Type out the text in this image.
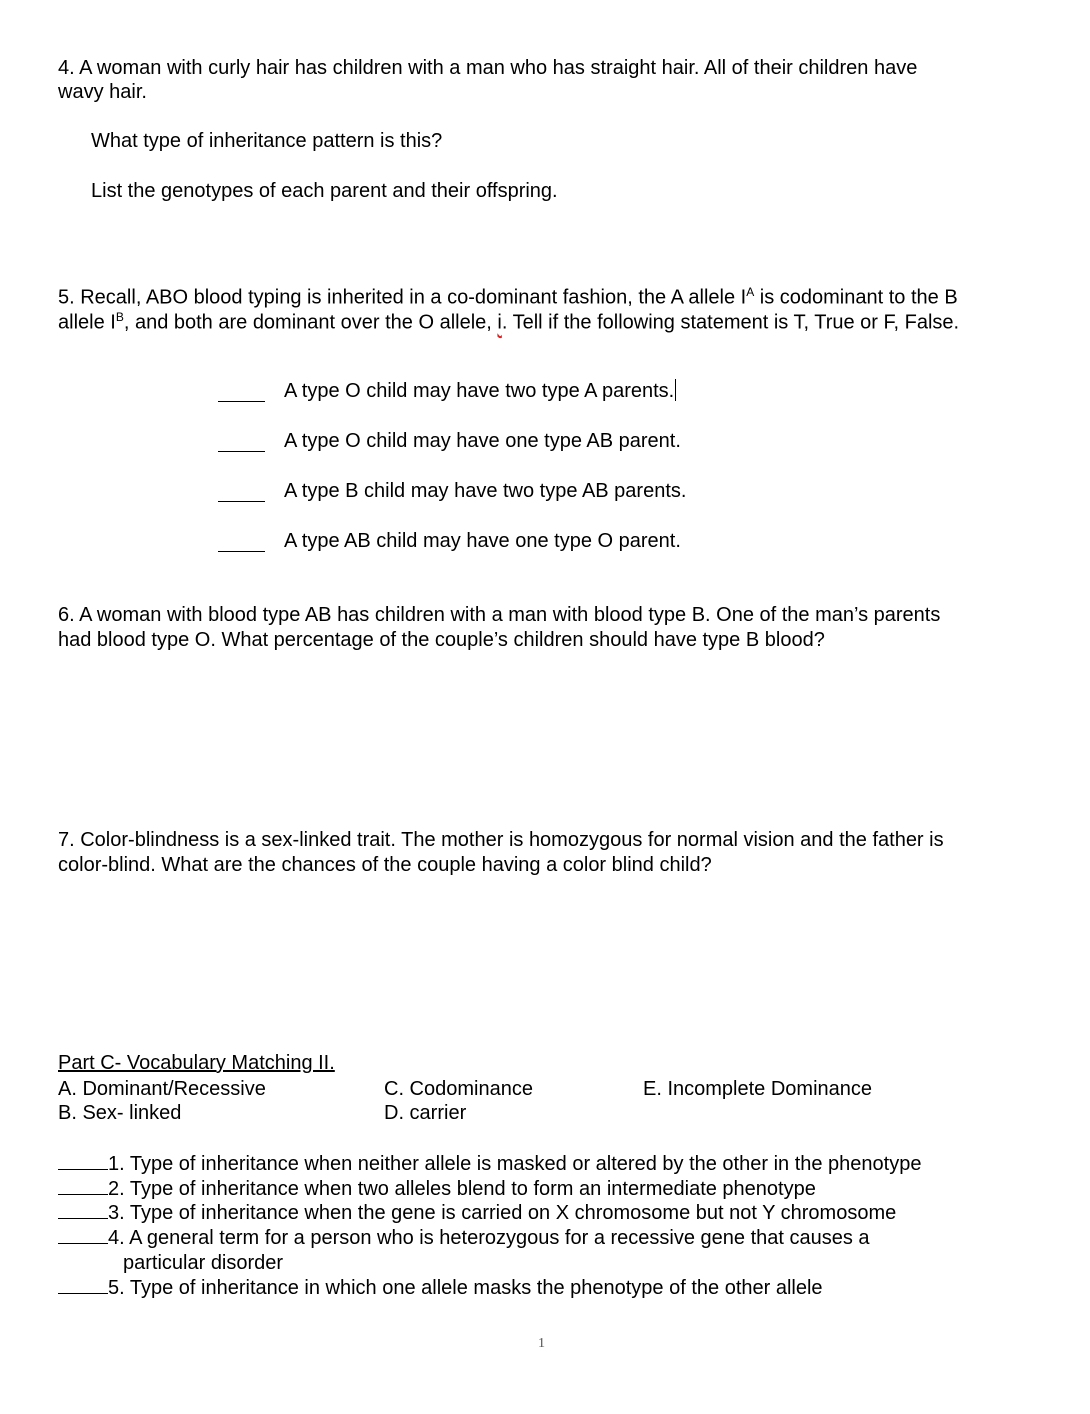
4. A woman with curly hair has children with a man who has straight hair. All of their children have
wavy hair.
What type of inheritance pattern is this?
List the genotypes of each parent and their offspring.
5. Recall, ABO blood typing is inherited in a co-dominant fashion, the A allele $I^A$ is codominant to the B
allele $I^B$, and both are dominant over the O allele, i. Tell if the following statement is T, True or F, False.
A type O child may have two type A parents.
A type O child may have one type AB parent.
A type B child may have two type AB parents.
A type AB child may have one type O parent.
6. A woman with blood type AB has children with a man with blood type B. One of the man’s parents
had blood type O. What percentage of the couple’s children should have type B blood?
7. Color-blindness is a sex-linked trait. The mother is homozygous for normal vision and the father is
color-blind. What are the chances of the couple having a color blind child?
Part C- Vocabulary Matching II.
A. Dominant/Recessive
B. Sex- linked
C. Codominance
D. carrier
E. Incomplete Dominance
1. Type of inheritance when neither allele is masked or altered by the other in the phenotype
2. Type of inheritance when two alleles blend to form an intermediate phenotype
3. Type of inheritance when the gene is carried on X chromosome but not Y chromosome
4. A general term for a person who is heterozygous for a recessive gene that causes a
particular disorder
5. Type of inheritance in which one allele masks the phenotype of the other allele
1
